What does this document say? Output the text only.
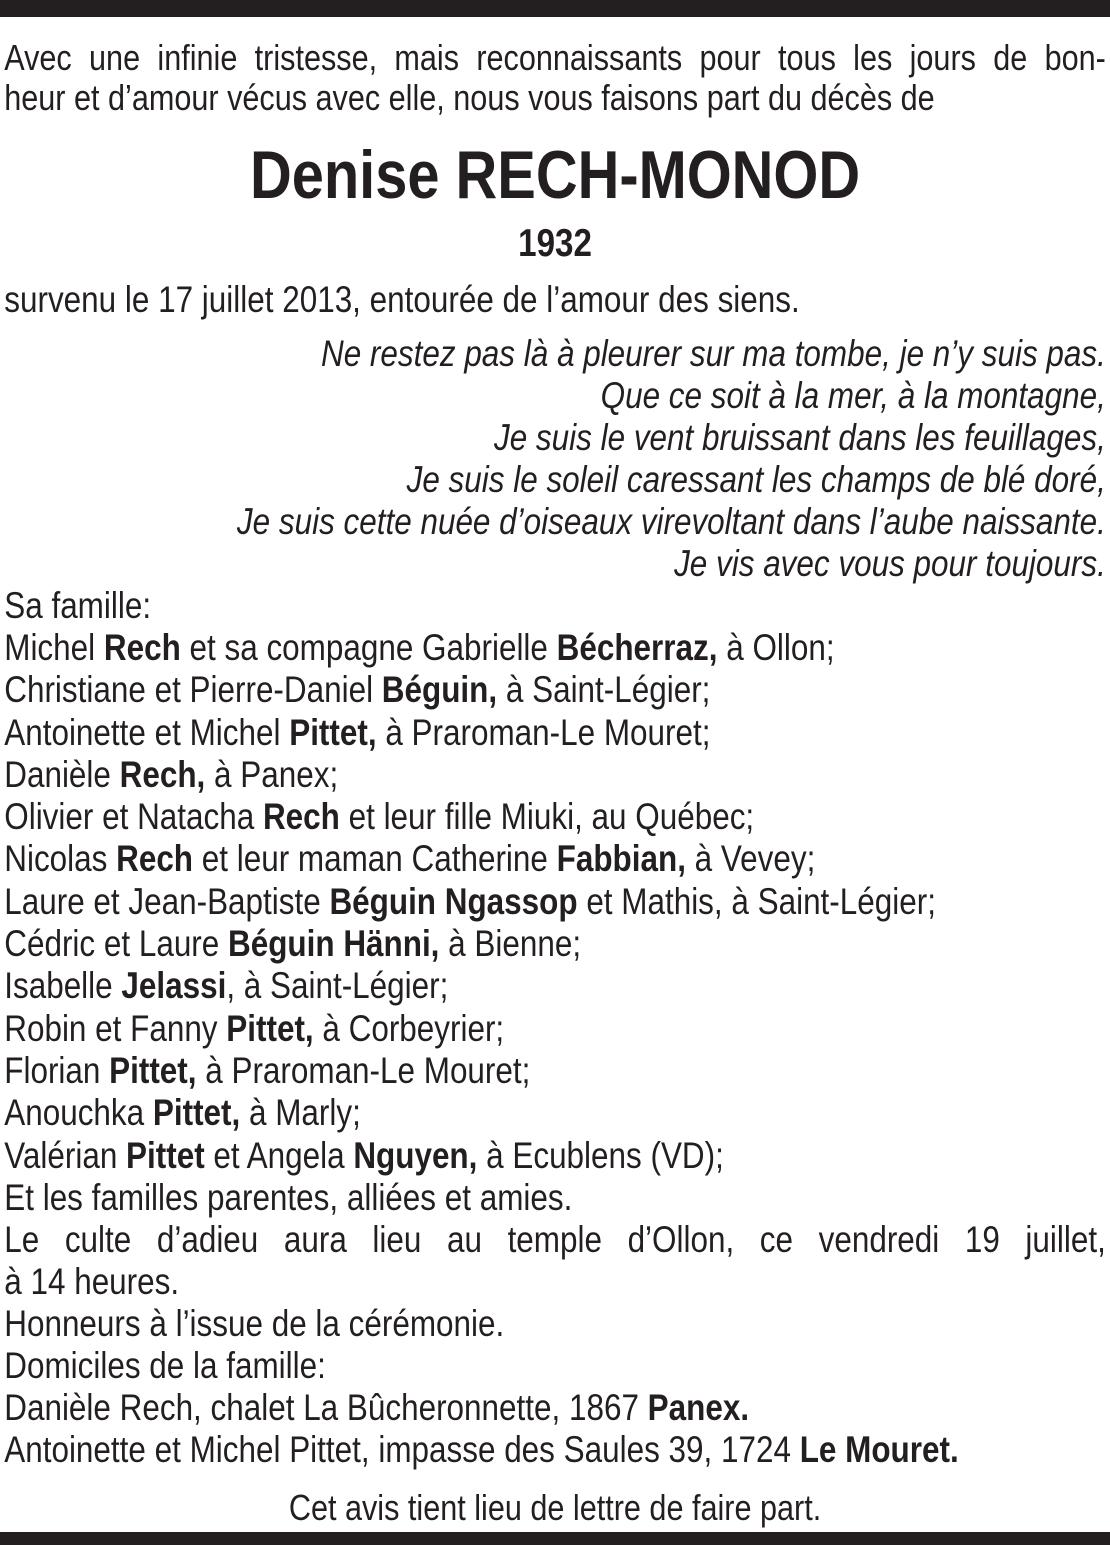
Avec une infinie tristesse, mais reconnaissants pour tous les jours de bon-
heur et d’amour vécus avec elle, nous vous faisons part du décès de
Denise RECH-MONOD
1932
survenu le 17 juillet 2013, entourée de l’amour des siens.
Ne restez pas là à pleurer sur ma tombe, je n’y suis pas.
Que ce soit à la mer, à la montagne,
Je suis le vent bruissant dans les feuillages,
Je suis le soleil caressant les champs de blé doré,
Je suis cette nuée d’oiseaux virevoltant dans l’aube naissante.
Je vis avec vous pour toujours.
Sa famille:
Michel Rech et sa compagne Gabrielle Bécherraz, à Ollon;
Christiane et Pierre-Daniel Béguin, à Saint-Légier;
Antoinette et Michel Pittet, à Praroman-Le Mouret;
Danièle Rech, à Panex;
Olivier et Natacha Rech et leur fille Miuki, au Québec;
Nicolas Rech et leur maman Catherine Fabbian, à Vevey;
Laure et Jean-Baptiste Béguin Ngassop et Mathis, à Saint-Légier;
Cédric et Laure Béguin Hänni, à Bienne;
Isabelle Jelassi, à Saint-Légier;
Robin et Fanny Pittet, à Corbeyrier;
Florian Pittet, à Praroman-Le Mouret;
Anouchka Pittet, à Marly;
Valérian Pittet et Angela Nguyen, à Ecublens (VD);
Et les familles parentes, alliées et amies.
Le culte d’adieu aura lieu au temple d’Ollon, ce vendredi 19 juillet,
à 14 heures.
Honneurs à l’issue de la cérémonie.
Domiciles de la famille:
Danièle Rech, chalet La Bûcheronnette, 1867 Panex.
Antoinette et Michel Pittet, impasse des Saules 39, 1724 Le Mouret.
Cet avis tient lieu de lettre de faire part.
